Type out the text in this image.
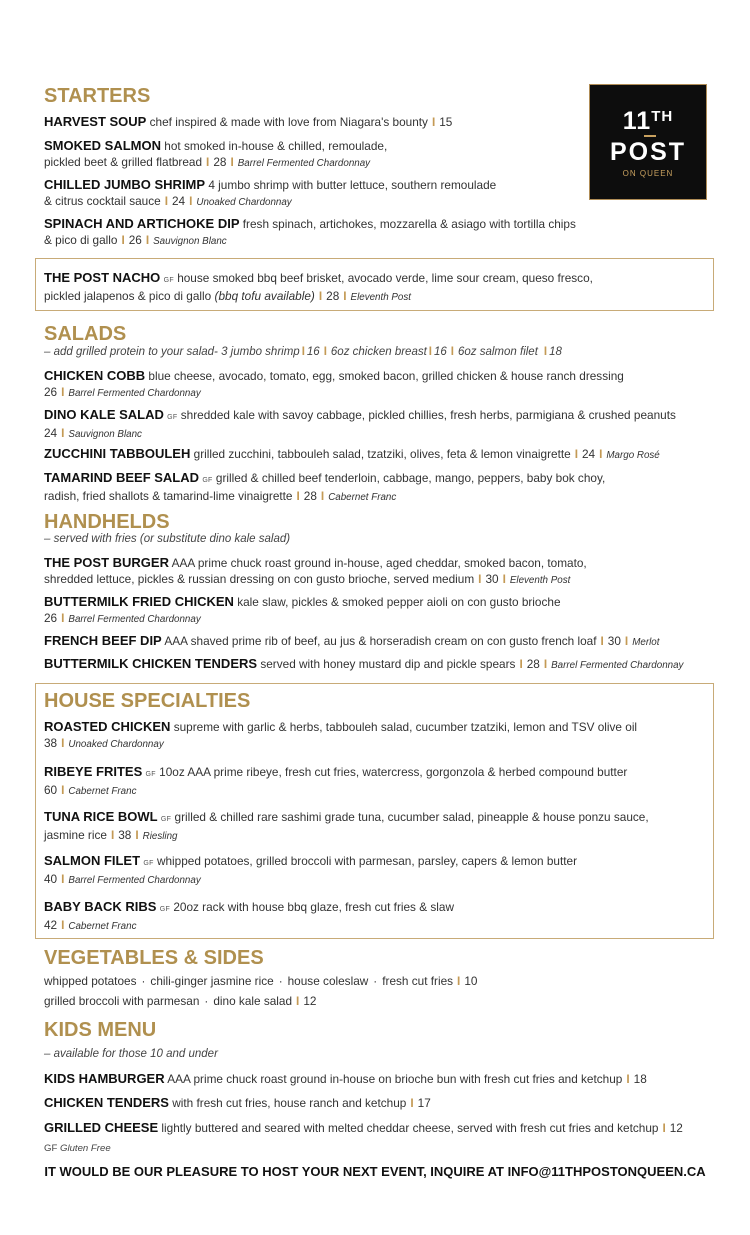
11TH
POST
ON QUEEN
STARTERS
HARVEST SOUP chef inspired & made with love from Niagara's bounty I 15
SMOKED SALMON hot smoked in-house & chilled, remoulade,
pickled beet & grilled flatbread I 28 I Barrel Fermented Chardonnay
CHILLED JUMBO SHRIMP 4 jumbo shrimp with butter lettuce, southern remoulade
& citrus cocktail sauce I 24 I Unoaked Chardonnay
SPINACH AND ARTICHOKE DIP fresh spinach, artichokes, mozzarella & asiago with tortilla chips
& pico di gallo I 26 I Sauvignon Blanc
THE POST NACHO GF house smoked bbq beef brisket, avocado verde, lime sour cream, queso fresco,
pickled jalapenos & pico di gallo (bbq tofu available) I 28 I Eleventh Post
SALADS
– add grilled protein to your salad- 3 jumbo shrimp I 16 I 6oz chicken breast I 16 I 6oz salmon filet I 18
CHICKEN COBB blue cheese, avocado, tomato, egg, smoked bacon, grilled chicken & house ranch dressing
26 I Barrel Fermented Chardonnay
DINO KALE SALAD GF shredded kale with savoy cabbage, pickled chillies, fresh herbs, parmigiana & crushed peanuts
24 I Sauvignon Blanc
ZUCCHINI TABBOULEH grilled zucchini, tabbouleh salad, tzatziki, olives, feta & lemon vinaigrette I 24 I Margo Rosé
TAMARIND BEEF SALAD GF grilled & chilled beef tenderloin, cabbage, mango, peppers, baby bok choy,
radish, fried shallots & tamarind-lime vinaigrette I 28 I Cabernet Franc
HANDHELDS
– served with fries (or substitute dino kale salad)
THE POST BURGER AAA prime chuck roast ground in-house, aged cheddar, smoked bacon, tomato,
shredded lettuce, pickles & russian dressing on con gusto brioche, served medium I 30 I Eleventh Post
BUTTERMILK FRIED CHICKEN kale slaw, pickles & smoked pepper aioli on con gusto brioche
26 I Barrel Fermented Chardonnay
FRENCH BEEF DIP AAA shaved prime rib of beef, au jus & horseradish cream on con gusto french loaf I 30 I Merlot
BUTTERMILK CHICKEN TENDERS served with honey mustard dip and pickle spears I 28 I Barrel Fermented Chardonnay
HOUSE SPECIALTIES
ROASTED CHICKEN supreme with garlic & herbs, tabbouleh salad, cucumber tzatziki, lemon and TSV olive oil
38 I Unoaked Chardonnay
RIBEYE FRITES GF 10oz AAA prime ribeye, fresh cut fries, watercress, gorgonzola & herbed compound butter
60 I Cabernet Franc
TUNA RICE BOWL GF grilled & chilled rare sashimi grade tuna, cucumber salad, pineapple & house ponzu sauce,
jasmine rice I 38 I Riesling
SALMON FILET GF whipped potatoes, grilled broccoli with parmesan, parsley, capers & lemon butter
40 I Barrel Fermented Chardonnay
BABY BACK RIBS GF 20oz rack with house bbq glaze, fresh cut fries & slaw
42 I Cabernet Franc
VEGETABLES & SIDES
whipped potatoes · chili-ginger jasmine rice · house coleslaw · fresh cut fries I 10
grilled broccoli with parmesan · dino kale salad I 12
KIDS MENU
– available for those 10 and under
KIDS HAMBURGER AAA prime chuck roast ground in-house on brioche bun with fresh cut fries and ketchup I 18
CHICKEN TENDERS with fresh cut fries, house ranch and ketchup I 17
GRILLED CHEESE lightly buttered and seared with melted cheddar cheese, served with fresh cut fries and ketchup I 12
GF Gluten Free
IT WOULD BE OUR PLEASURE TO HOST YOUR NEXT EVENT, INQUIRE AT INFO@11THPOSTONQUEEN.CA
